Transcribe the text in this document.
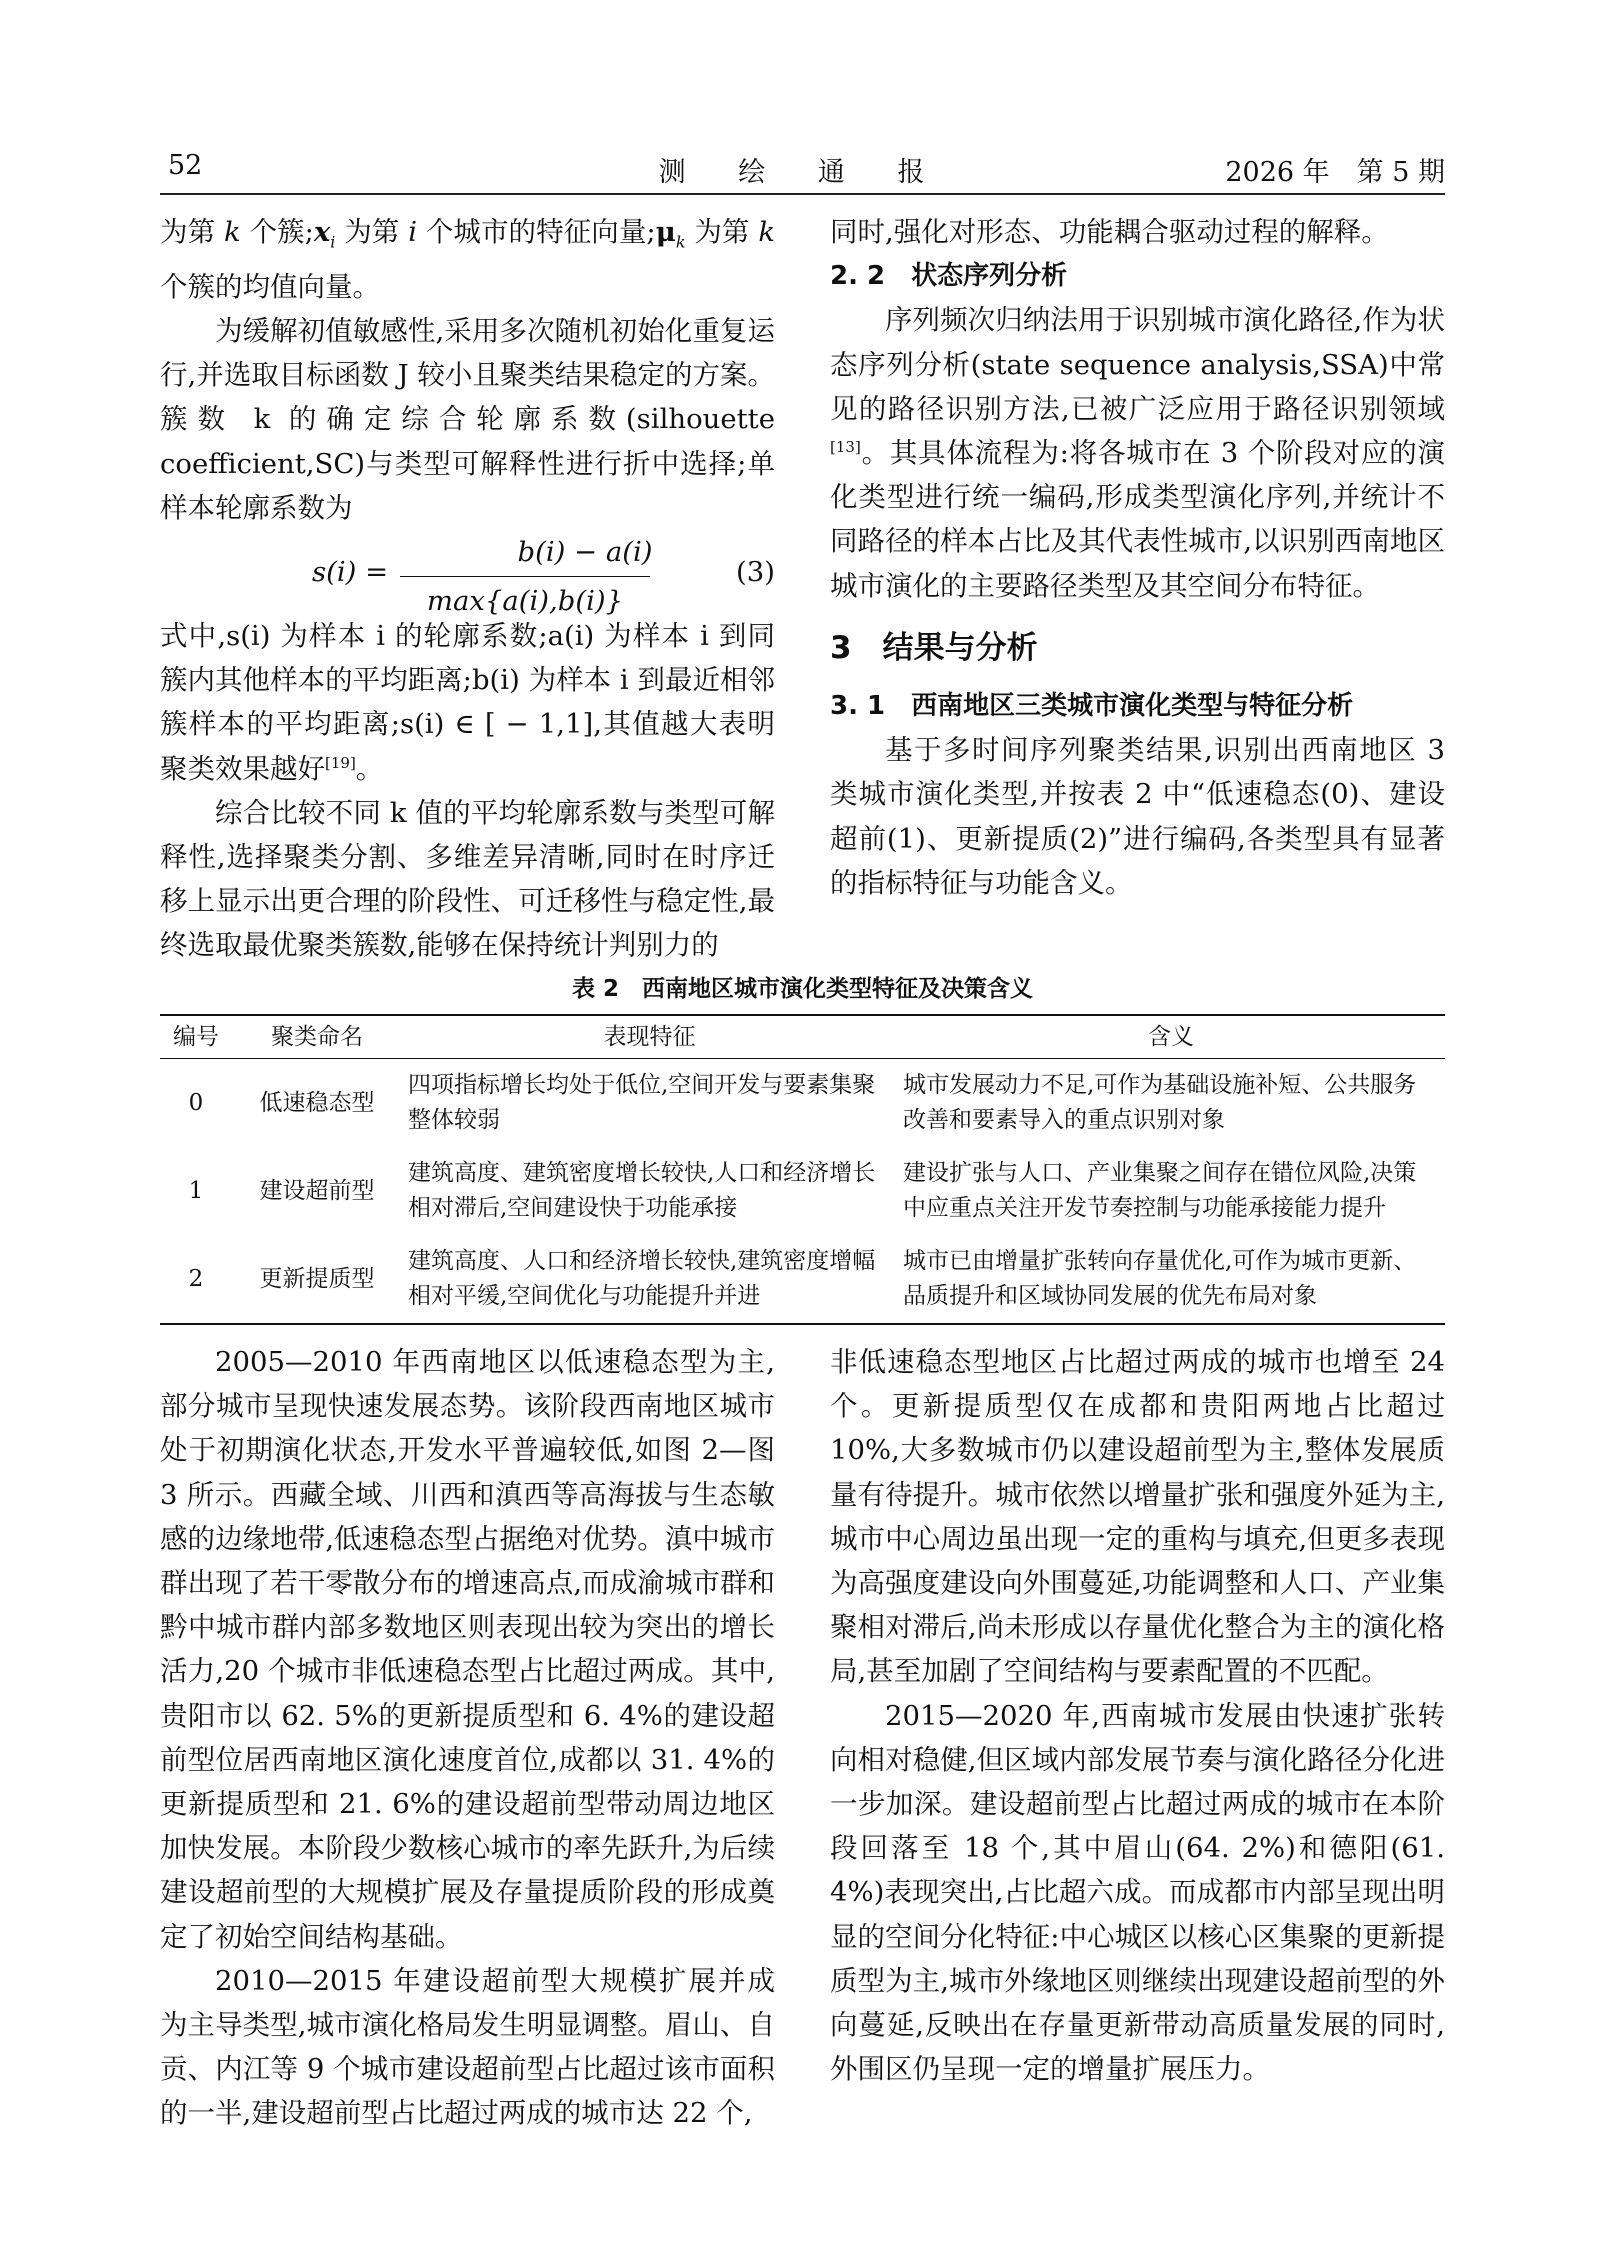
52	测 绘 通 报	2026 年　第 5 期

为第 k 个簇$;x_i$ 为第 i 个城市的特征向量$;\mu_k$ 为第 k 个簇的均值向量。

为缓解初值敏感性,采用多次随机初始化重复运行,并选取目标函数 J 较小且聚类结果稳定的方案。簇数 k 的确定综合轮廓系数(silhouette coefficient,SC)与类型可解释性进行折中选择;单样本轮廓系数为

s(i) =
b(i) − a(i)
max{a(i),b(i)}
(3)

式中,s(i) 为样本 i 的轮廓系数;a(i) 为样本 i 到同簇内其他样本的平均距离;b(i) 为样本 i 到最近相邻簇样本的平均距离;s(i) ∈ [ − 1,1],其值越大表明聚类效果越好[19]。

综合比较不同 k 值的平均轮廓系数与类型可解释性,选择聚类分割、多维差异清晰,同时在时序迁移上显示出更合理的阶段性、可迁移性与稳定性,最终选取最优聚类簇数,能够在保持统计判别力的

同时,强化对形态、功能耦合驱动过程的解释。

2. 2　状态序列分析

序列频次归纳法用于识别城市演化路径,作为状态序列分析(state sequence analysis,SSA)中常见的路径识别方法,已被广泛应用于路径识别领域[13]。其具体流程为:将各城市在 3 个阶段对应的演化类型进行统一编码,形成类型演化序列,并统计不同路径的样本占比及其代表性城市,以识别西南地区城市演化的主要路径类型及其空间分布特征。

3　结果与分析

3. 1　西南地区三类城市演化类型与特征分析

基于多时间序列聚类结果,识别出西南地区 3 类城市演化类型,并按表 2 中“低速稳态(0)、建设超前(1)、更新提质(2)”进行编码,各类型具有显著的指标特征与功能含义。

表 2　西南地区城市演化类型特征及决策含义
编号	聚类命名	表现特征	含义
0	低速稳态型	四项指标增长均处于低位,空间开发与要素集聚整体较弱	城市发展动力不足,可作为基础设施补短、公共服务改善和要素导入的重点识别对象
1	建设超前型	建筑高度、建筑密度增长较快,人口和经济增长相对滞后,空间建设快于功能承接	建设扩张与人口、产业集聚之间存在错位风险,决策中应重点关注开发节奏控制与功能承接能力提升
2	更新提质型	建筑高度、人口和经济增长较快,建筑密度增幅相对平缓,空间优化与功能提升并进	城市已由增量扩张转向存量优化,可作为城市更新、品质提升和区域协同发展的优先布局对象

2005—2010 年西南地区以低速稳态型为主,部分城市呈现快速发展态势。该阶段西南地区城市处于初期演化状态,开发水平普遍较低,如图 2—图 3 所示。西藏全域、川西和滇西等高海拔与生态敏感的边缘地带,低速稳态型占据绝对优势。滇中城市群出现了若干零散分布的增速高点,而成渝城市群和黔中城市群内部多数地区则表现出较为突出的增长活力,20 个城市非低速稳态型占比超过两成。其中,贵阳市以 62. 5%的更新提质型和 6. 4%的建设超前型位居西南地区演化速度首位,成都以 31. 4%的更新提质型和 21. 6%的建设超前型带动周边地区加快发展。本阶段少数核心城市的率先跃升,为后续建设超前型的大规模扩展及存量提质阶段的形成奠定了初始空间结构基础。

2010—2015 年建设超前型大规模扩展并成为主导类型,城市演化格局发生明显调整。眉山、自贡、内江等 9 个城市建设超前型占比超过该市面积的一半,建设超前型占比超过两成的城市达 22 个,

非低速稳态型地区占比超过两成的城市也增至 24 个。更新提质型仅在成都和贵阳两地占比超过 10%,大多数城市仍以建设超前型为主,整体发展质量有待提升。城市依然以增量扩张和强度外延为主,城市中心周边虽出现一定的重构与填充,但更多表现为高强度建设向外围蔓延,功能调整和人口、产业集聚相对滞后,尚未形成以存量优化整合为主的演化格局,甚至加剧了空间结构与要素配置的不匹配。

2015—2020 年,西南城市发展由快速扩张转向相对稳健,但区域内部发展节奏与演化路径分化进一步加深。建设超前型占比超过两成的城市在本阶段回落至 18 个,其中眉山(64. 2%)和德阳(61. 4%)表现突出,占比超六成。而成都市内部呈现出明显的空间分化特征:中心城区以核心区集聚的更新提质型为主,城市外缘地区则继续出现建设超前型的外向蔓延,反映出在存量更新带动高质量发展的同时,外围区仍呈现一定的增量扩展压力。
